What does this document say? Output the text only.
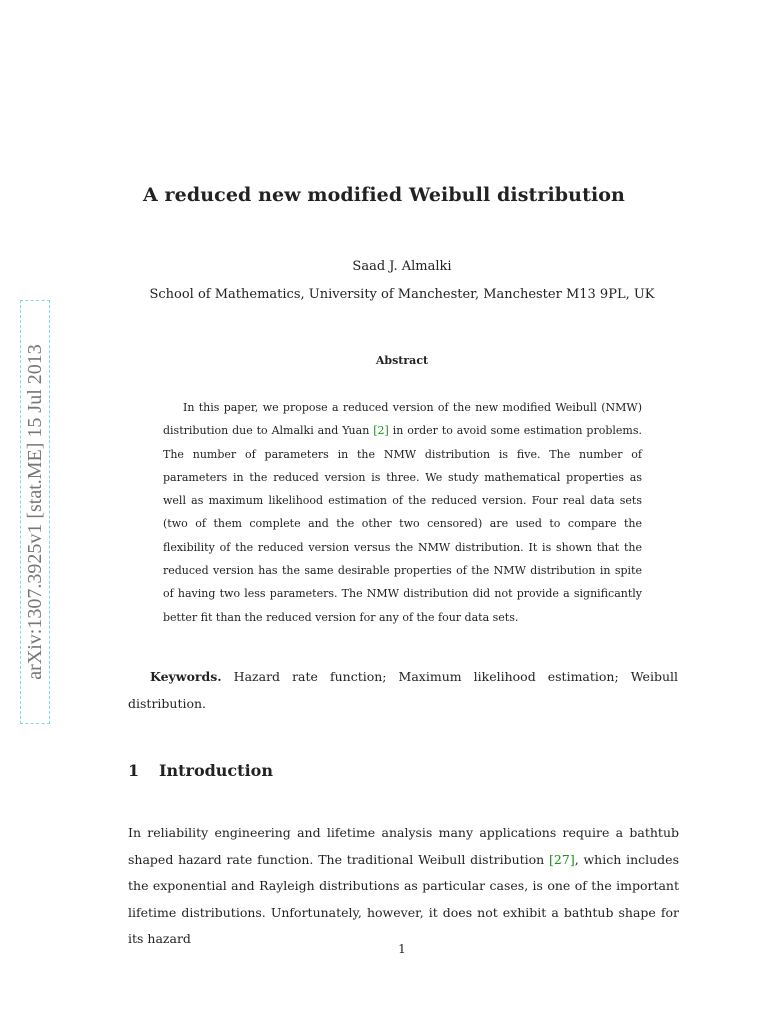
arXiv:1307.3925v1 [stat.ME] 15 Jul 2013
A reduced new modified Weibull distribution
Saad J. Almalki
School of Mathematics, University of Manchester, Manchester M13 9PL, UK
Abstract

In this paper, we propose a reduced version of the new modified Weibull (NMW) distribution due to Almalki and Yuan [2] in order to avoid some estimation problems. The number of parameters in the NMW distribution is five. The number of parameters in the reduced version is three. We study mathematical properties as well as maximum likelihood estimation of the reduced version. Four real data sets (two of them complete and the other two censored) are used to compare the flexibility of the reduced version versus the NMW distribution. It is shown that the reduced version has the same desirable properties of the NMW distribution in spite of having two less parameters. The NMW distribution did not provide a significantly better fit than the reduced version for any of the four data sets.

Keywords. Hazard rate function; Maximum likelihood estimation; Weibull distribution.

1 Introduction

In reliability engineering and lifetime analysis many applications require a bathtub shaped hazard rate function. The traditional Weibull distribution [27], which includes the exponential and Rayleigh distributions as particular cases, is one of the important lifetime distributions. Unfortunately, however, it does not exhibit a bathtub shape for its hazard

1
